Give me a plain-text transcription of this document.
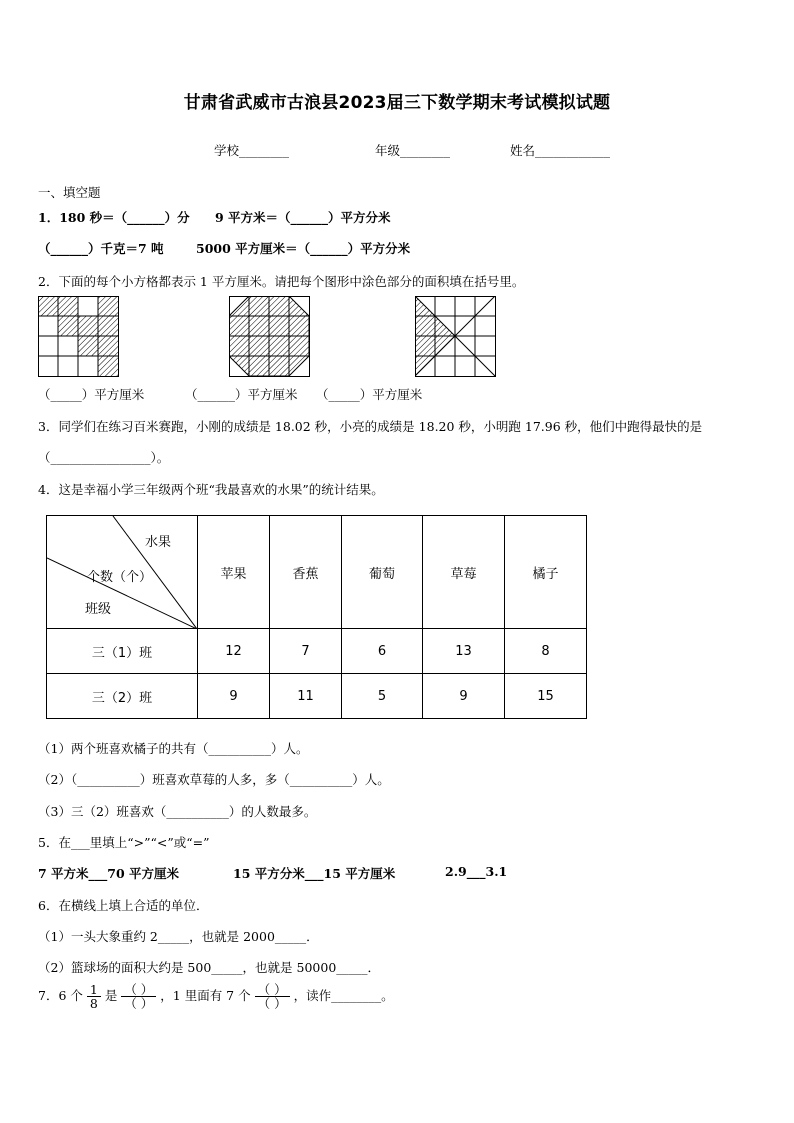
甘肃省武威市古浪县2023届三下数学期末考试模拟试题
学校________	年级________	姓名____________
一、填空题
1．180 秒＝（______）分 9 平方米＝（______）平方分米
（______）千克＝7 吨	5000 平方厘米＝（______）平方分米
2．下面的每个小方格都表示 1 平方厘米。请把每个图形中涂色部分的面积填在括号里。
（_____）平方厘米	（______）平方厘米 （_____）平方厘米
3．同学们在练习百米赛跑，小刚的成绩是 18.02 秒，小亮的成绩是 18.20 秒，小明跑 17.96 秒，他们中跑得最快的是
（________________）。
4．这是幸福小学三年级两个班“我最喜欢的水果”的统计结果。
水果
个数（个）
班级	苹果	香蕉	葡萄	草莓	橘子
三（1）班	12	7	6	13	8
三（2）班	9	11	5	9	15
（1）两个班喜欢橘子的共有（__________）人。
（2）（__________）班喜欢草莓的人多，多（__________）人。
（3）三（2）班喜欢（__________）的人数最多。
5．在___里填上“>”“<”或“=”
7 平方米___70 平方厘米	15 平方分米___15 平方厘米	2.9___3.1
6．在横线上填上合适的单位．
（1）一头大象重约 2_____，也就是 2000_____．
（2）篮球场的面积大约是 500_____，也就是 50000_____．
7．6 个 $\frac{1}{8}$ 是 $\frac{( )}{( )}$ ，1 里面有 7 个 $\frac{( )}{( )}$ ，读作________。
